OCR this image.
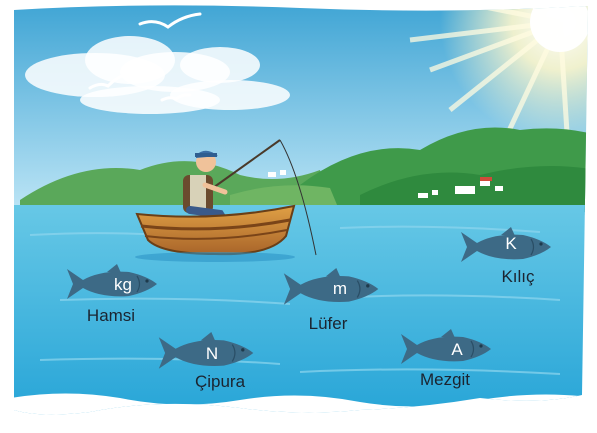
kg
Hamsi
m
Lüfer
K
Kılıç
N
Çipura
A
Mezgit
